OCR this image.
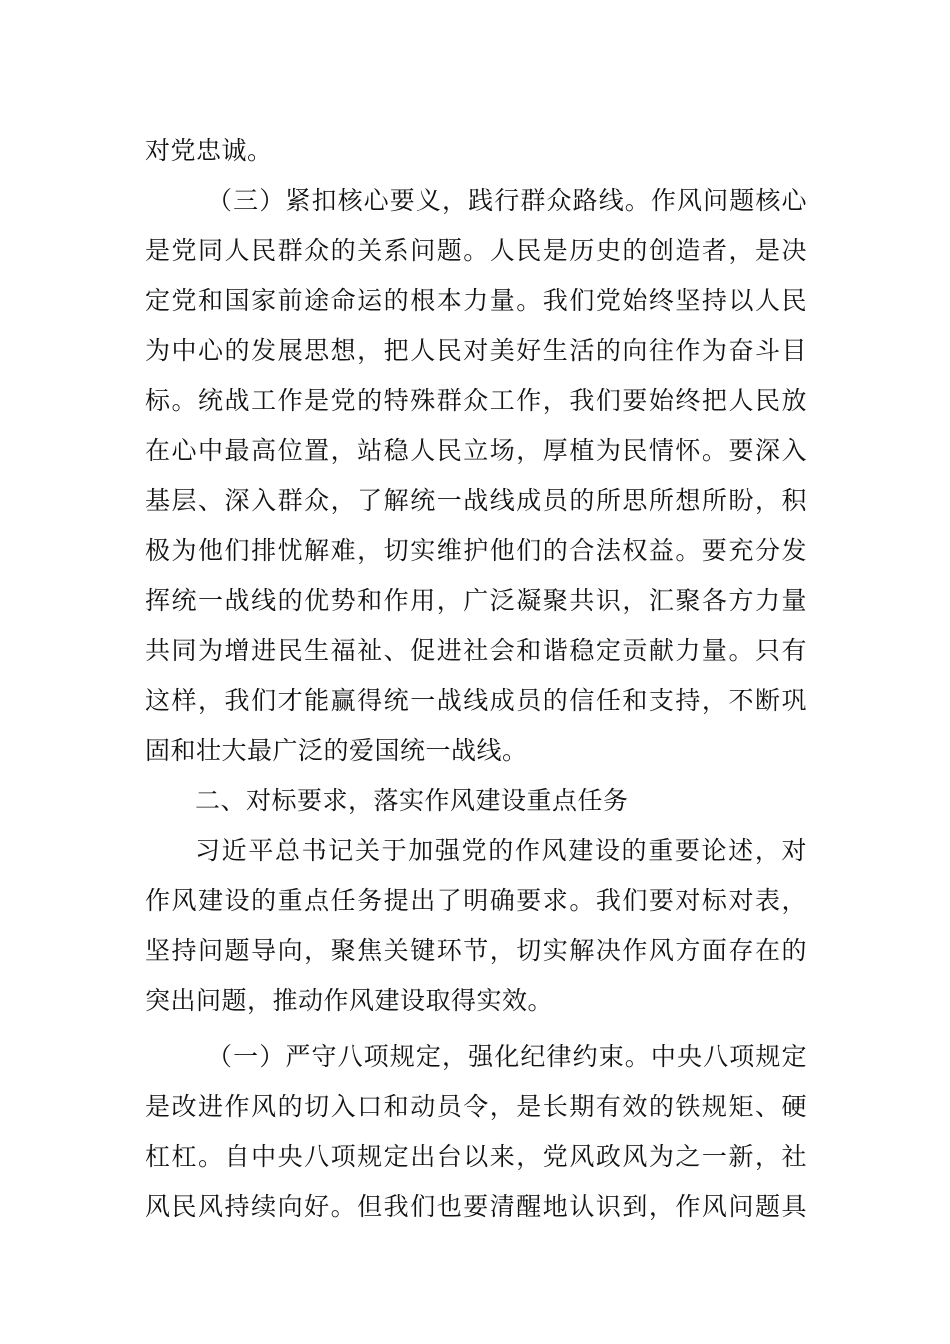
对党忠诚。
（三）紧扣核心要义，践行群众路线。作风问题核心
是党同人民群众的关系问题。人民是历史的创造者，是决
定党和国家前途命运的根本力量。我们党始终坚持以人民
为中心的发展思想，把人民对美好生活的向往作为奋斗目
标。统战工作是党的特殊群众工作，我们要始终把人民放
在心中最高位置，站稳人民立场，厚植为民情怀。要深入
基层、深入群众，了解统一战线成员的所思所想所盼，积
极为他们排忧解难，切实维护他们的合法权益。要充分发
挥统一战线的优势和作用，广泛凝聚共识，汇聚各方力量
共同为增进民生福祉、促进社会和谐稳定贡献力量。只有
这样，我们才能赢得统一战线成员的信任和支持，不断巩
固和壮大最广泛的爱国统一战线。
二、对标要求，落实作风建设重点任务
习近平总书记关于加强党的作风建设的重要论述，对
作风建设的重点任务提出了明确要求。我们要对标对表，
坚持问题导向，聚焦关键环节，切实解决作风方面存在的
突出问题，推动作风建设取得实效。
（一）严守八项规定，强化纪律约束。中央八项规定
是改进作风的切入口和动员令，是长期有效的铁规矩、硬
杠杠。自中央八项规定出台以来，党风政风为之一新，社
风民风持续向好。但我们也要清醒地认识到，作风问题具
